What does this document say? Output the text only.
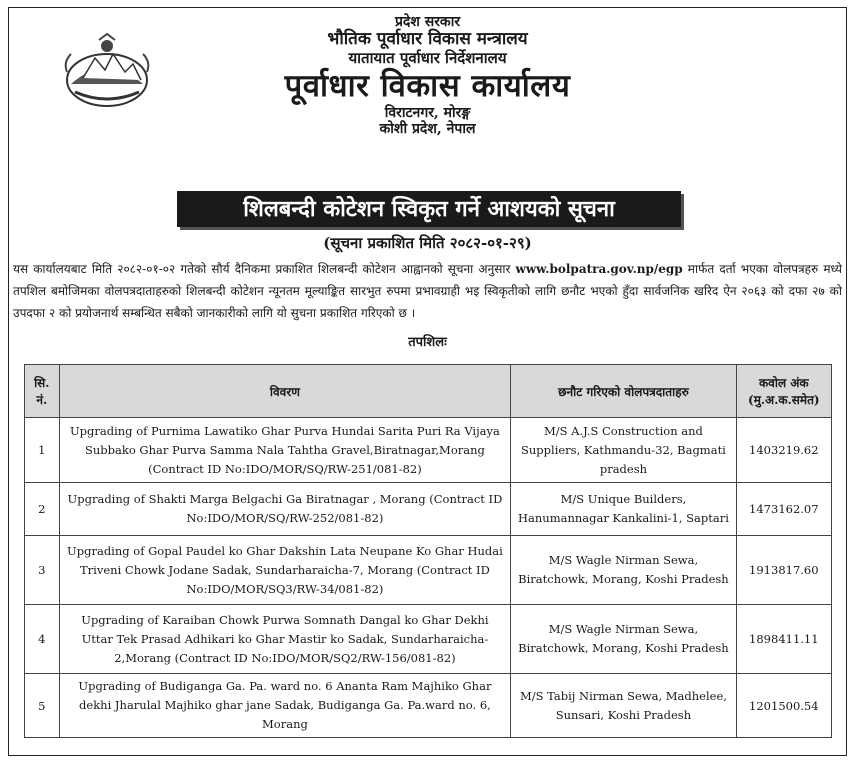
प्रदेश सरकार
भौतिक पूर्वाधार विकास मन्त्रालय
यातायात पूर्वाधार निर्देशनालय
पूर्वाधार विकास कार्यालय
विराटनगर, मोरङ्ग
कोशी प्रदेश, नेपाल
शिलबन्दी कोटेशन स्विकृत गर्ने आशयको सूचना
(सूचना प्रकाशित मिति २०८२-०१-२९)
यस कार्यालयबाट मिति २०८२-०१-०२ गतेको सौर्य दैनिकमा प्रकाशित शिलबन्दी कोटेशन आह्वानको सूचना अनुसार www.bolpatra.gov.np/egp मार्फत दर्ता भएका वोलपत्रहरु मध्ये तपशिल बमोजिमका वोलपत्रदाताहरुको शिलबन्दी कोटेशन न्यूनतम मूल्याङ्कित सारभुत रुपमा प्रभावग्राही भइ स्विकृतीको लागि छनौट भएको हुँदा सार्वजनिक खरिद ऐन २०६३ को दफा २७ को उपदफा २ को प्रयोजनार्थ सम्बन्धित सबैको जानकारीको लागि यो सुचना प्रकाशित गरिएको छ ।
तपशिलः
सि. नं.	विवरण	छनौट गरिएको वोलपत्रदाताहरु	कवोल अंक (मु.अ.क.समेत)
1	Upgrading of Purnima Lawatiko Ghar Purva Hundai Sarita Puri Ra Vijaya Subbako Ghar Purva Samma Nala Tahtha Gravel,Biratnagar,Morang (Contract ID No:IDO/MOR/SQ/RW-251/081-82)	M/S A.J.S Construction and Suppliers, Kathmandu-32, Bagmati pradesh	1403219.62
2	Upgrading of Shakti Marga Belgachi Ga Biratnagar , Morang (Contract ID No:IDO/MOR/SQ/RW-252/081-82)	M/S Unique Builders, Hanumannagar Kankalini-1, Saptari	1473162.07
3	Upgrading of Gopal Paudel ko Ghar Dakshin Lata Neupane Ko Ghar Hudai Triveni Chowk Jodane Sadak, Sundarharaicha-7, Morang (Contract ID No:IDO/MOR/SQ3/RW-34/081-82)	M/S Wagle Nirman Sewa, Biratchowk, Morang, Koshi Pradesh	1913817.60
4	Upgrading of Karaiban Chowk Purwa Somnath Dangal ko Ghar Dekhi Uttar Tek Prasad Adhikari ko Ghar Mastir ko Sadak, Sundarharaicha-2,Morang (Contract ID No:IDO/MOR/SQ2/RW-156/081-82)	M/S Wagle Nirman Sewa, Biratchowk, Morang, Koshi Pradesh	1898411.11
5	Upgrading of Budiganga Ga. Pa. ward no. 6 Ananta Ram Majhiko Ghar dekhi Jharulal Majhiko ghar jane Sadak, Budiganga Ga. Pa.ward no. 6, Morang	M/S Tabij Nirman Sewa, Madhelee, Sunsari, Koshi Pradesh	1201500.54
